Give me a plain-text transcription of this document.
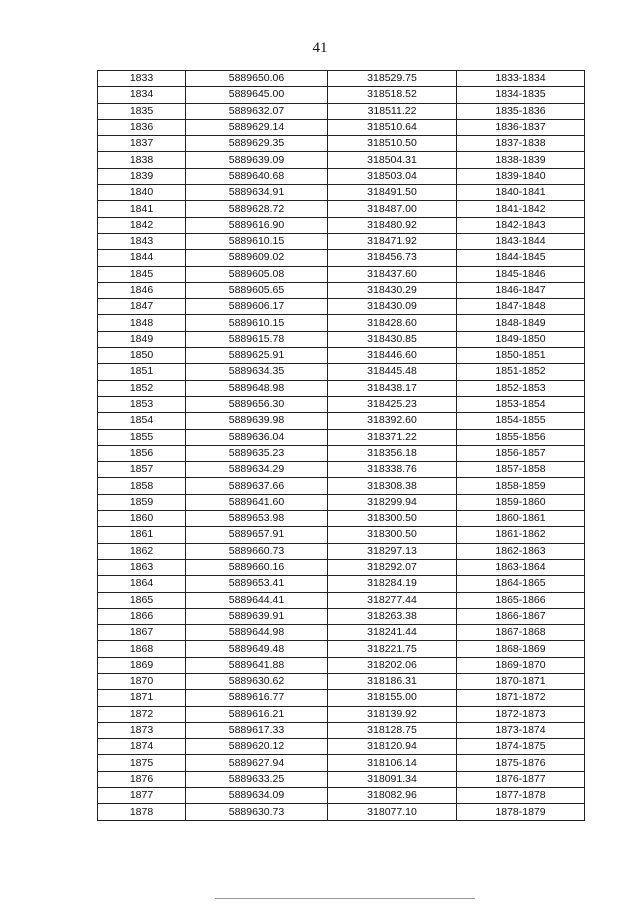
41
1833	5889650.06	318529.75	1833-1834
1834	5889645.00	318518.52	1834-1835
1835	5889632.07	318511.22	1835-1836
1836	5889629.14	318510.64	1836-1837
1837	5889629.35	318510.50	1837-1838
1838	5889639.09	318504.31	1838-1839
1839	5889640.68	318503.04	1839-1840
1840	5889634.91	318491.50	1840-1841
1841	5889628.72	318487.00	1841-1842
1842	5889616.90	318480.92	1842-1843
1843	5889610.15	318471.92	1843-1844
1844	5889609.02	318456.73	1844-1845
1845	5889605.08	318437.60	1845-1846
1846	5889605.65	318430.29	1846-1847
1847	5889606.17	318430.09	1847-1848
1848	5889610.15	318428.60	1848-1849
1849	5889615.78	318430.85	1849-1850
1850	5889625.91	318446.60	1850-1851
1851	5889634.35	318445.48	1851-1852
1852	5889648.98	318438.17	1852-1853
1853	5889656.30	318425.23	1853-1854
1854	5889639.98	318392.60	1854-1855
1855	5889636.04	318371.22	1855-1856
1856	5889635.23	318356.18	1856-1857
1857	5889634.29	318338.76	1857-1858
1858	5889637.66	318308.38	1858-1859
1859	5889641.60	318299.94	1859-1860
1860	5889653.98	318300.50	1860-1861
1861	5889657.91	318300.50	1861-1862
1862	5889660.73	318297.13	1862-1863
1863	5889660.16	318292.07	1863-1864
1864	5889653.41	318284.19	1864-1865
1865	5889644.41	318277.44	1865-1866
1866	5889639.91	318263.38	1866-1867
1867	5889644.98	318241.44	1867-1868
1868	5889649.48	318221.75	1868-1869
1869	5889641.88	318202.06	1869-1870
1870	5889630.62	318186.31	1870-1871
1871	5889616.77	318155.00	1871-1872
1872	5889616.21	318139.92	1872-1873
1873	5889617.33	318128.75	1873-1874
1874	5889620.12	318120.94	1874-1875
1875	5889627.94	318106.14	1875-1876
1876	5889633.25	318091.34	1876-1877
1877	5889634.09	318082.96	1877-1878
1878	5889630.73	318077.10	1878-1879
